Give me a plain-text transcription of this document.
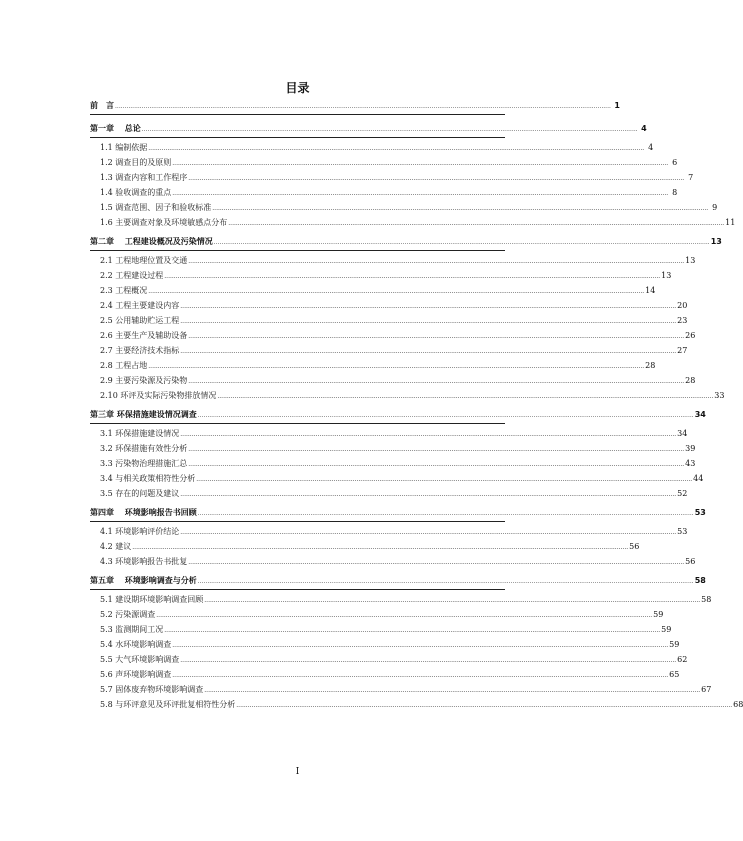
目录
前　言 .................................................................................................................................................................................................................................................................... 1
第一章　 总论 .................................................................................................................................................................................................................................................................... 4
1.1 编制依据 .................................................................................................................................................................................................................................................................... 4
1.2 调查目的及原则 .................................................................................................................................................................................................................................................................... 6
1.3 调查内容和工作程序 .................................................................................................................................................................................................................................................................... 7
1.4 验收调查的重点 .................................................................................................................................................................................................................................................................... 8
1.5 调查范围、因子和验收标准 .................................................................................................................................................................................................................................................................... 9
1.6 主要调查对象及环境敏感点分布 .................................................................................................................................................................................................................................................................... 11
第二章　 工程建设概况及污染情况 .................................................................................................................................................................................................................................................................... 13
2.1 工程地理位置及交通 .................................................................................................................................................................................................................................................................... 13
2.2 工程建设过程 .................................................................................................................................................................................................................................................................... 13
2.3 工程概况 .................................................................................................................................................................................................................................................................... 14
2.4 工程主要建设内容 .................................................................................................................................................................................................................................................................... 20
2.5 公用辅助贮运工程 .................................................................................................................................................................................................................................................................... 23
2.6 主要生产及辅助设备 .................................................................................................................................................................................................................................................................... 26
2.7 主要经济技术指标 .................................................................................................................................................................................................................................................................... 27
2.8 工程占地 .................................................................................................................................................................................................................................................................... 28
2.9 主要污染源及污染物 .................................................................................................................................................................................................................................................................... 28
2.10 环评及实际污染物排放情况 .................................................................................................................................................................................................................................................................... 33
第三章 环保措施建设情况调查 .................................................................................................................................................................................................................................................................... 34
3.1 环保措施建设情况 .................................................................................................................................................................................................................................................................... 34
3.2 环保措施有效性分析 .................................................................................................................................................................................................................................................................... 39
3.3 污染物治理措施汇总 .................................................................................................................................................................................................................................................................... 43
3.4 与相关政策相符性分析 .................................................................................................................................................................................................................................................................... 44
3.5 存在的问题及建议 .................................................................................................................................................................................................................................................................... 52
第四章　 环境影响报告书回顾 .................................................................................................................................................................................................................................................................... 53
4.1 环境影响评价结论 .................................................................................................................................................................................................................................................................... 53
4.2 建议 .................................................................................................................................................................................................................................................................... 56
4.3 环境影响报告书批复 .................................................................................................................................................................................................................................................................... 56
第五章　 环境影响调查与分析 .................................................................................................................................................................................................................................................................... 58
5.1 建设期环境影响调查回顾 .................................................................................................................................................................................................................................................................... 58
5.2 污染源调查 .................................................................................................................................................................................................................................................................... 59
5.3 监测期间工况 .................................................................................................................................................................................................................................................................... 59
5.4 水环境影响调查 .................................................................................................................................................................................................................................................................... 59
5.5 大气环境影响调查 .................................................................................................................................................................................................................................................................... 62
5.6 声环境影响调查 .................................................................................................................................................................................................................................................................... 65
5.7 固体废弃物环境影响调查 .................................................................................................................................................................................................................................................................... 67
5.8 与环评意见及环评批复相符性分析 .................................................................................................................................................................................................................................................................... 68
I
